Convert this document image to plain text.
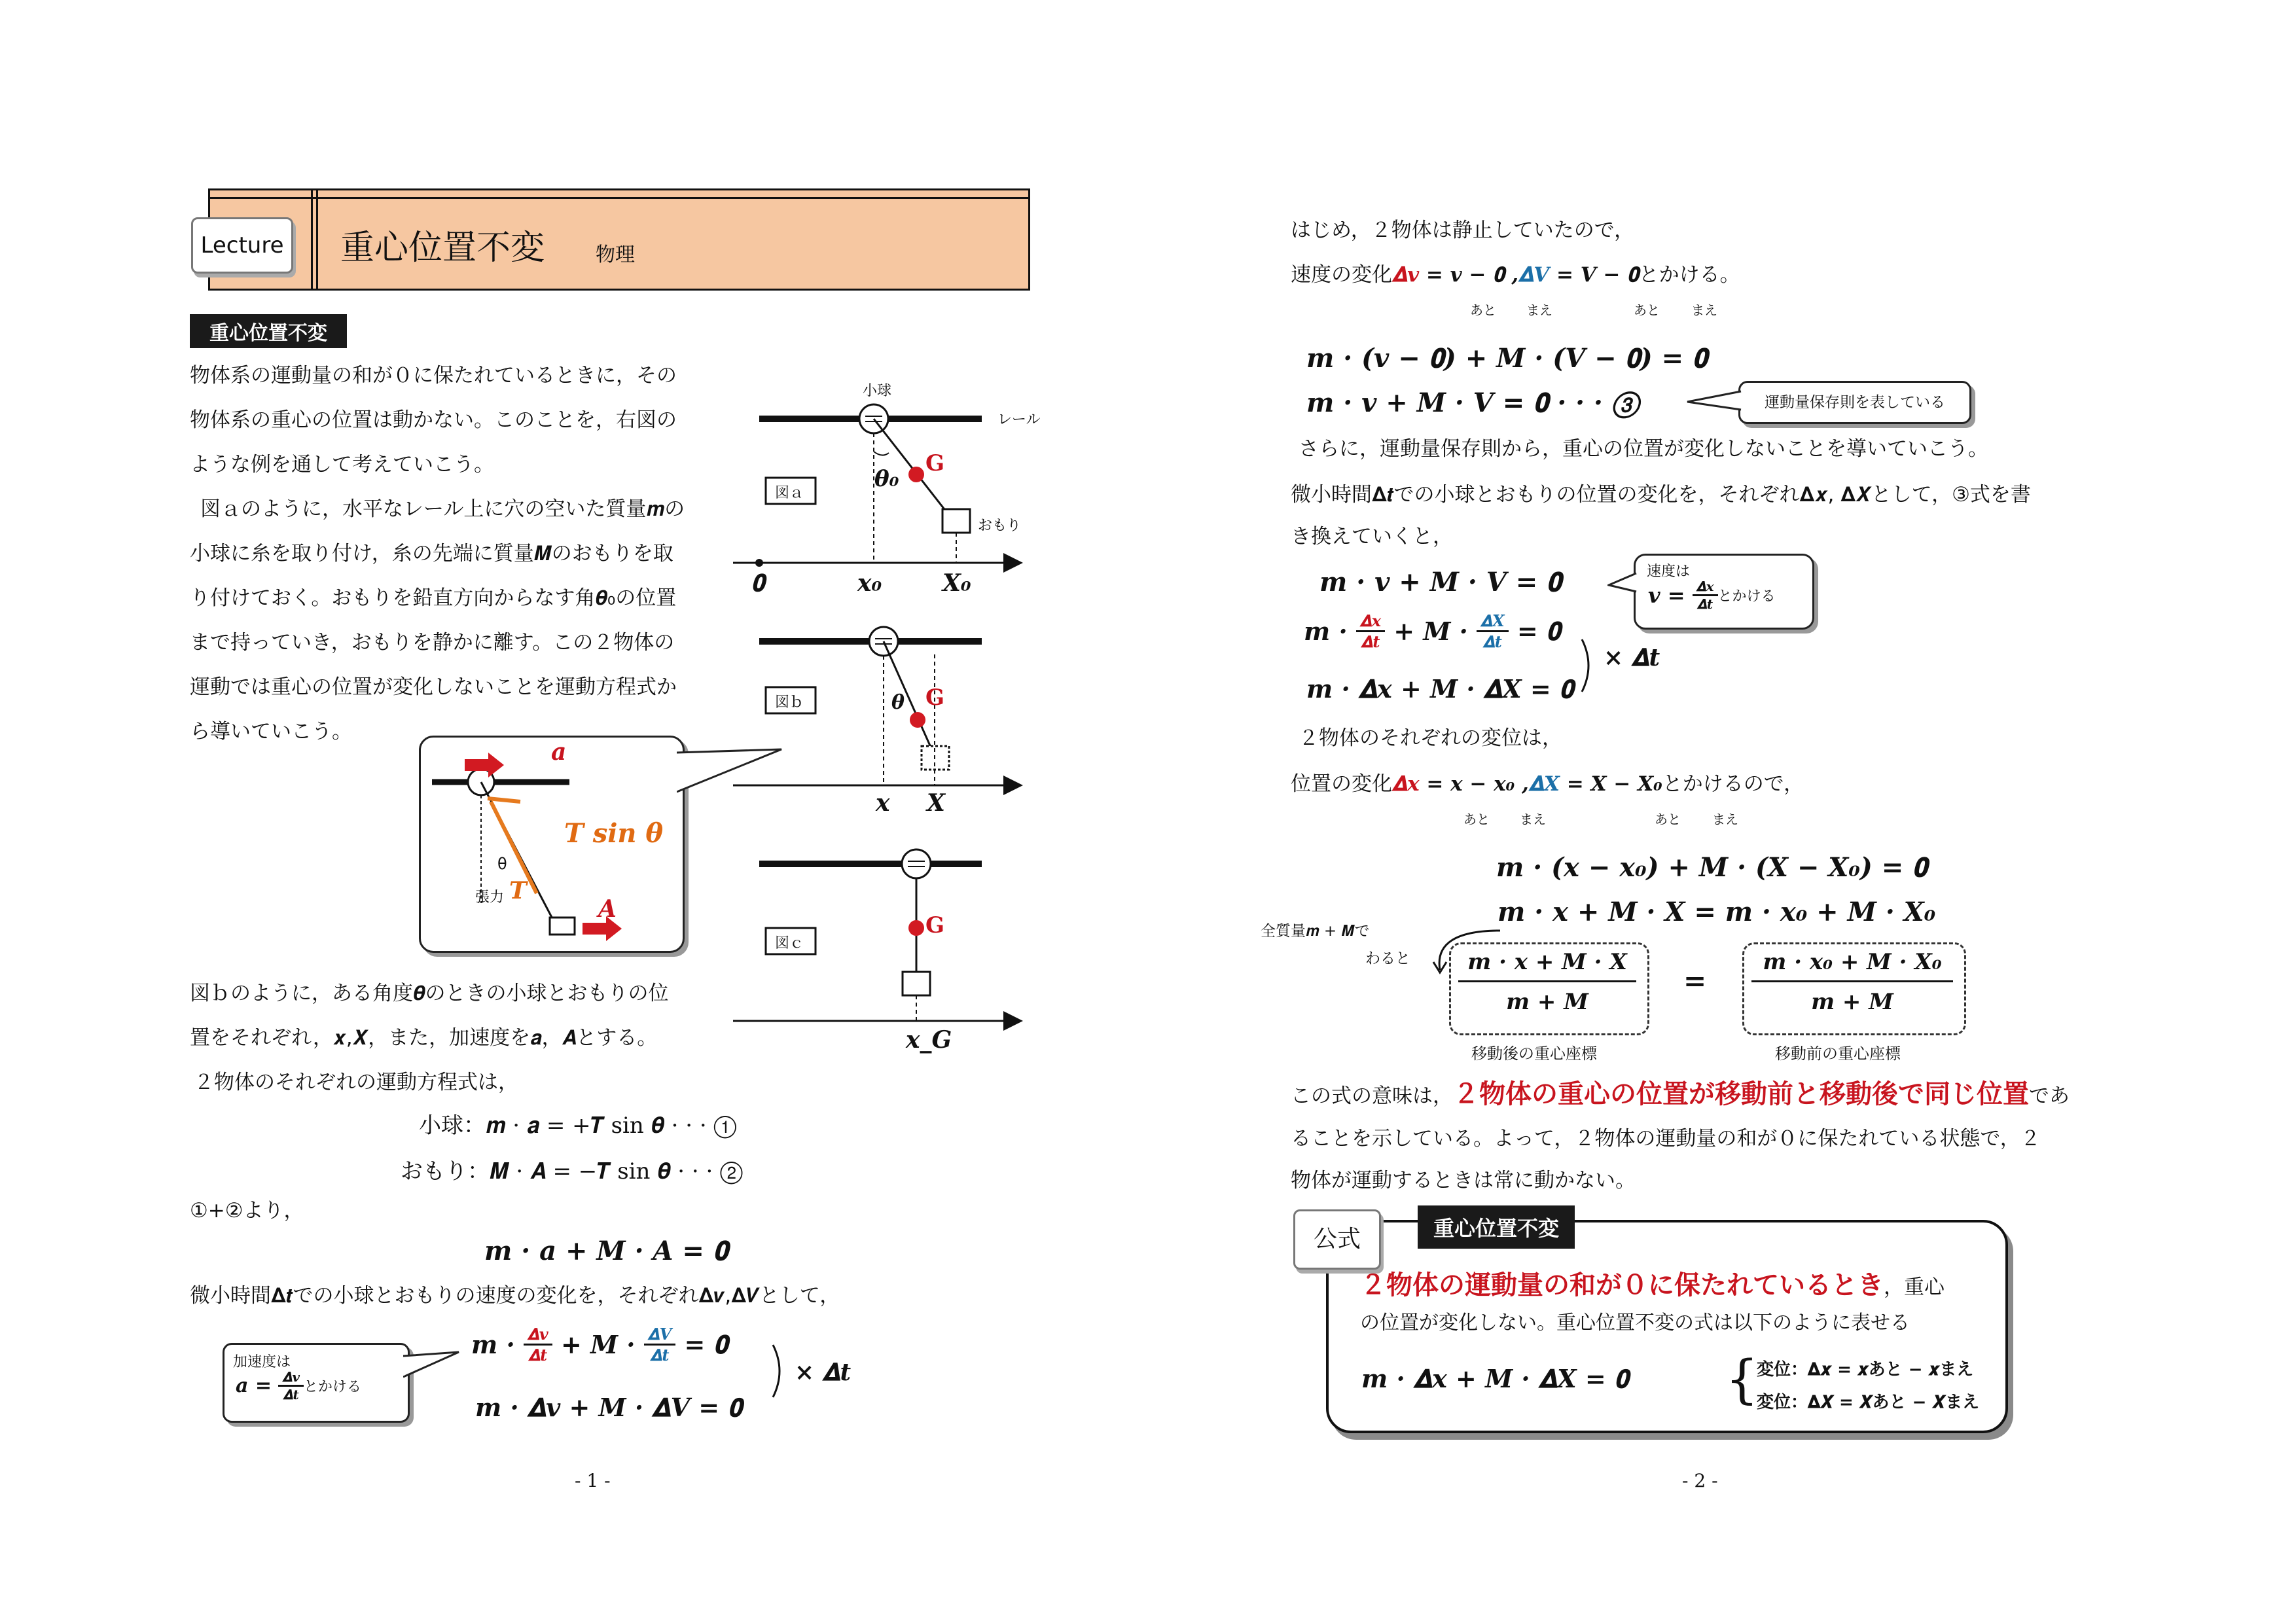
Lecture 重心位置不変	物理
重心位置不変
物体系の運動量の和が０に保たれているときに，その
物体系の重心の位置は動かない。このことを，右図の
ような例を通して考えていこう。
図ａのように，水平なレール上に穴の空いた質量𝒎の
小球に糸を取り付け，糸の先端に質量𝑴のおもりを取
り付けておく。おもりを鉛直方向からなす角𝜽₀の位置
まで持っていき，おもりを静かに離す。この２物体の
運動では重心の位置が変化しないことを運動方程式か
ら導いていこう。
小球
レール
おもり
𝜽₀
G
図ａ
𝟎	𝒙₀	𝑿₀
𝜽 G
図ｂ
𝒙 𝑿
G
図ｃ
𝒙_G
𝒂
𝑻 sin 𝜽
θ
張力 𝑻
𝑨
図ｂのように，ある角度𝜽のときの小球とおもりの位
置をそれぞれ，𝒙,𝑿，また，加速度を𝒂，𝑨とする。
２物体のそれぞれの運動方程式は，
小球：𝒎 · 𝒂 = +𝑻 sin 𝜽 · · · ①
おもり：𝑴 · 𝑨 = −𝑻 sin 𝜽 · · · ②
①+②より，
𝒎 · 𝒂 + 𝑴 · 𝑨 = 𝟎
微小時間𝚫𝒕での小球とおもりの速度の変化を，それぞれ𝚫𝒗,𝚫𝑽として，
加速度は
𝒂 = $\frac{\text{𝚫𝒗}}{\text{𝚫𝒕}}$ とかける
𝒎 · $\frac{\text{𝚫𝒗}}{\text{𝚫𝒕}}$ + 𝑴 · $\frac{\text{𝚫𝑽}}{\text{𝚫𝒕}}$ = 𝟎
× 𝚫𝒕
𝒎 · 𝚫𝒗 + 𝑴 · 𝚫𝑽 = 𝟎
- 1 -
はじめ，２物体は静止していたので，
速度の変化𝚫𝒗 = 𝒗 − 𝟎 ,𝚫𝑽 = 𝑽 − 𝟎とかける。
あと まえ	あと まえ
𝒎 · (𝒗 − 𝟎) + 𝑴 · (𝑽 − 𝟎) = 𝟎
𝒎 · 𝒗 + 𝑴 · 𝑽 = 𝟎 · · · ③	運動量保存則を表している
さらに，運動量保存則から，重心の位置が変化しないことを導いていこう。
微小時間𝚫𝒕での小球とおもりの位置の変化を，それぞれ𝚫𝒙, 𝚫𝑿として，③式を書
き換えていくと，
𝒎 · 𝒗 + 𝑴 · 𝑽 = 𝟎	速度は
𝒗 = $\frac{\text{𝚫𝒙}}{\text{𝚫𝒕}}$ とかける
𝒎 · $\frac{\text{𝚫𝒙}}{\text{𝚫𝒕}}$ + 𝑴 · $\frac{\text{𝚫𝑿}}{\text{𝚫𝒕}}$ = 𝟎
× 𝚫𝒕
𝒎 · 𝚫𝒙 + 𝑴 · 𝚫𝑿 = 𝟎
２物体のそれぞれの変位は，
位置の変化𝚫𝒙 = 𝒙 − 𝒙₀ ,𝚫𝑿 = 𝑿 − 𝑿₀とかけるので，
あと まえ	あと まえ
𝒎 · (𝒙 − 𝒙₀) + 𝑴 · (𝑿 − 𝑿₀) = 𝟎
𝒎 · 𝒙 + 𝑴 · 𝑿 = 𝒎 · 𝒙₀ + 𝑴 · 𝑿₀
全質量𝒎 + 𝑴で
わると	𝒎 · 𝒙 + 𝑴 · 𝑿
𝒎 + 𝑴
移動後の重心座標
=
𝒎 · 𝒙₀ + 𝑴 · 𝑿₀
𝒎 + 𝑴
移動前の重心座標
この式の意味は，２物体の重心の位置が移動前と移動後で同じ位置であ
ることを示している。よって，２物体の運動量の和が０に保たれている状態で，２
物体が運動するときは常に動かない。
公式	重心位置不変
２物体の運動量の和が０に保たれているとき，重心
の位置が変化しない。重心位置不変の式は以下のように表せる
𝒎 · 𝚫𝒙 + 𝑴 · 𝚫𝑿 = 𝟎 {
変位：𝚫𝒙 = 𝒙あと − 𝒙まえ
変位：𝚫𝑿 = 𝑿あと − 𝑿まえ
- 2 -
